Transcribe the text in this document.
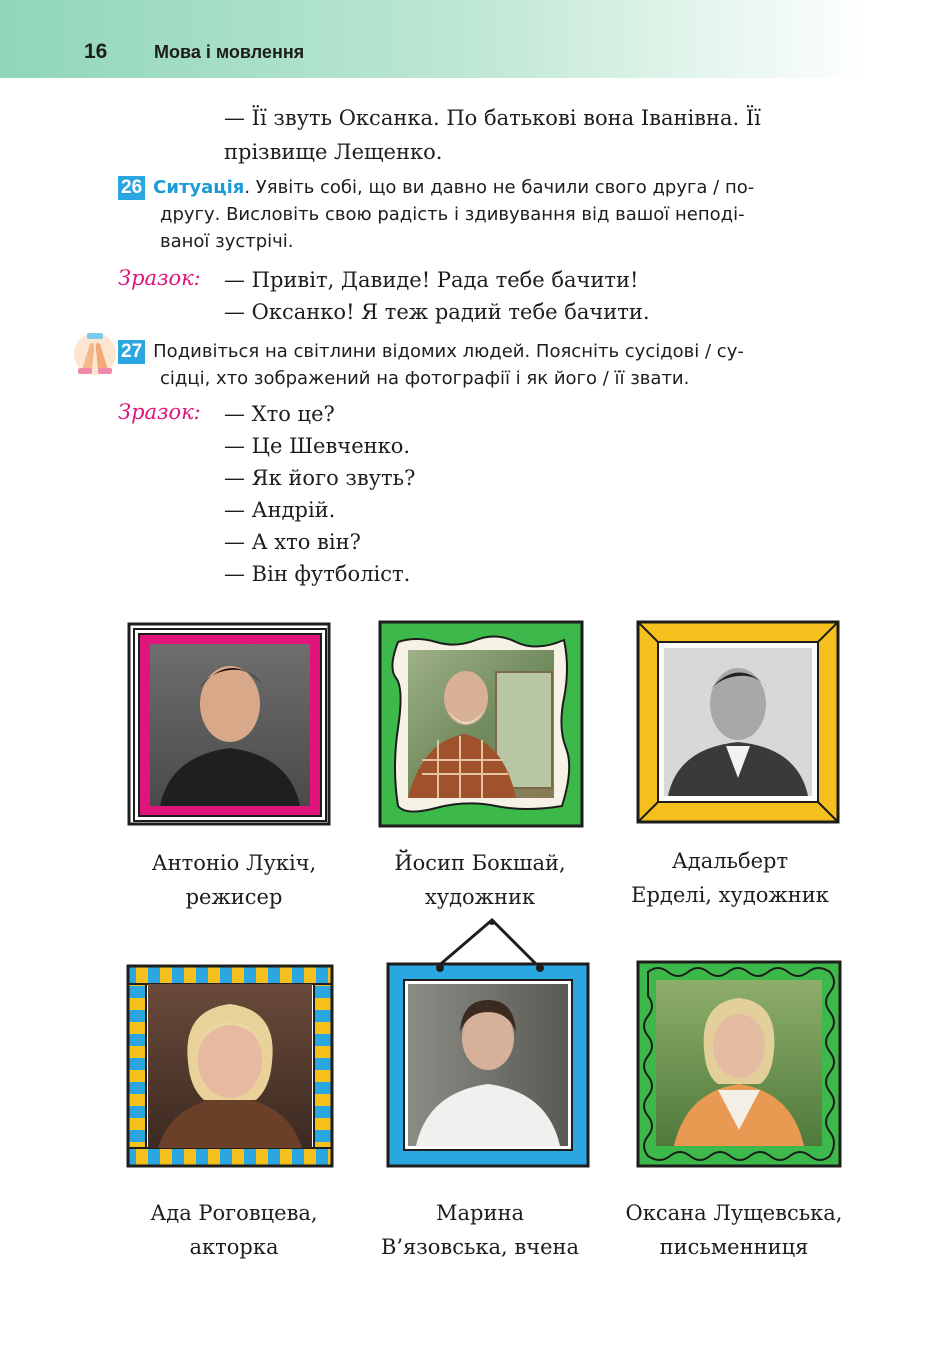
16	Мова і мовлення
— Її звуть Оксанка. По батькові вона Іванівна. Її
прізвище Лещенко.
26 Ситуація. Уявіть собі, що ви давно не бачили свого друга / по-
другу. Висловіть свою радість і здивування від вашої неподі-
ваної зустрічі.
Зразок: — Привіт, Давиде! Рада тебе бачити!
— Оксанко! Я теж радий тебе бачити.
27 Подивіться на світлини відомих людей. Поясніть сусідові / су-
сідці, хто зображений на фотографії і як його / її звати.
Зразок: — Хто це?
— Це Шевченко.
— Як його звуть?
— Андрій.
— А хто він?
— Він футболіст.
Антоніо Лукіч,
режисер
Йосип Бокшай,
художник
Адальберт
Ерделі, художник
Ада Роговцева,
акторка
Марина
В’язовська, вчена
Оксана Лущевська,
письменниця
